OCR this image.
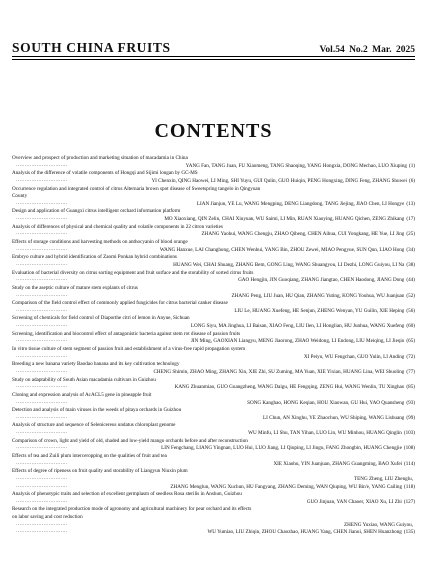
SOUTH CHINA FRUITS	Vol.54 No.2 Mar. 2025
CONTENTS
Overview and prospect of production and marketing situation of macadamia in China
······························	YANG Fan, TANG Juan, FU Xiaomeng, TANG Shaoqing, YANG Hongxia, DONG Mechao, LUO Xiuping (1)
Analysis of the difference of volatile components of Hongqi and Sijimi longan by GC-MS
······························	YI Chenxin, QING Haowei, LI Ming, SHI Yuyu, GUI Qulin, GUO Huiqin, PENG Hongxing, DING Feng, ZHANG Shuwei (6)
Occurrence regulation and integrated control of citrus Alternaria brown spot disease of Sweetspring tangelo in Qingyuan
County
······························	LIAN Jianjun, YE Lu, WANG Mengping, DENG Liangdong, TANG Jiejing, JIAO Chen, LI Hongye (13)
Design and application of Guangxi citrus intelligent orchard information platform
······························	MO Xiaoxiang, QIN Zelin, CHAI Xiuyuan, WU Saimi, LI Min, RUAN Xiaoying, HUANG Qichen, ZENG Zhikang (17)
Analysis of differences of physical and chemical quality and volatile components in 22 citron varieties
······························	ZHANG Yaohui, WANG Chengju, ZHAO Qiheng, CHEN Aihua, CUI Yongkang, HE Yue, LI Jing (25)
Effects of storage conditions and harvesting methods on anthocyanin of blood orange
······························	WANG Hanxue, LAI Changhong, CHEN Wenhui, YANG Bin, ZHOU Zewei, MIAO Pengyue, SUN Qun, LIAO Hong (34)
Embryo culture and hybrid identification of Zaomi Ponkan hybrid combinations
······························	HUANG Wei, CHAI Shuang, ZHANG Bem, GONG Ling, WANG Shuangyou, LI Dezhi, LONG Guiyou, LI Na (38)
Evaluation of bacterial diversity on citrus sorting equipment and fruit surface and the storability of sorted citrus fruits
······························	GAO Hengjin, JIN Guoqiang, ZHANG Jiangtao, CHEN Haodong, JIANG Dong (44)
Study on the aseptic culture of mature stem explants of citrus
······························	ZHANG Peng, LIU Juan, HU Qian, ZHANG Yuting, KONG Youhua, WU Juanjuan (52)
Comparison of the field control effect of commonly applied fungicides for citrus bacterial canker disease
······························	LIU Le, HUANG Xuefeng, HE Senjun, ZHENG Wenyan, YU Guilin, XIE Heping (56)
Screening of chemicals for field control of Diaporthe citri of lemon in Anyue, Sichuan
······························	LONG Siyu, MA Jinghua, LI Baisan, XIAO Feng, LIU Ilen, LI Honglian, HU Junhua, WANG Xuefeng (60)
Screening, identification and biocontrol effect of antagonistic bacteria against stem rot disease of passion fruits
······························	JIN Ming, GAOXIAN Liangyu, MENG Jiaorong, ZHAO Weidong, LI Endong, LIU Meiqing, LI Jieqiu (65)
In vitro tissue culture of stem segment of passion fruit and establishment of a virus-free rapid propagation system
······························	XI Peiyu, WU Fengchan, GUO Yulin, LI Anding (72)
Breeding a new banana variety Baodao banana and its key cultivation technology
······························	CHENG Shimin, ZHAO Ming, ZHANG Xin, XIE Zhi, SU Zuming, MA Yuan, XIE Yixian, HUANG Lina, WEI Shuoling (77)
Study on adaptability of South Asian macadamia cultivars in Guizhou
······························	KANG Zhuanmiao, GUO Guangzheng, WANG Daigu, HE Fengqing, ZENG Hui, WANG Wenlin, TU Xinghao (85)
Cloning and expression analysis of AcACL5 gene in pineapple fruit
······························	SONG Kanghao, HONG Keqian, HOU Xiaowan, GU Hui, YAO Quansheng (93)
Detection and analysis of main viruses in the weeds of pitaya orchards in Guizhou
······························	LI Chun, AN Xinghu, YE Zhaochun, WU Shiping, WANG Lishuang (99)
Analysis of structure and sequence of Selenicereus undatus chloroplast genome
······························	WU Minfu, LI Shu, TAN Yihan, LUO Lin, WU Minhou, HUANG Qinglin (103)
Comparison of crown, light and yield of old, shaded and low-yield mango orchards before and after reconstruction
······························	LIN Fengchang, LIANG Yingnan, LUO Hui, LUO Jiang, LI Qiuping, LI Jingu, FANG Zhongbin, HUANG Chengjie (108)
Effects of tea and Zuili plum interceropping on the qualities of fruit and tea
······························	XIE Xiaohu, YIN Juanjuan, ZHANG Guangming, BAO Xufei (114)
Effects of degree of ripeness on fruit quality and storability of Liangyun Niuxin plum
······························	TENG Zheng, LIU Zhenglu,
······························	ZHANG Menglun, WANG Xuchun, HU Fangyang, ZHANG Deming, WAN Qiuping, WU Bin'e, YANG Cailing (118)
Analysis of phenotypic traits and selection of excellent germplasm of seedless Rosa sterilis in Anshun, Guizhou
······························	GUO Jinjuan, YAN Chaoer, XIAO Xu, LI Zhi (127)
Research on the integrated production mode of agronomy and agricultural machinery for pear orchard and its effects
on labor saving and cost reduction
······························	ZHENG Yuxiao, WANG Guiyou,
······························	WU Yumiao, LIU Zhiqin, ZHOU Chaozhao, HUANG Yang, CHEN Jianui, SHEN Huanzhong (135)
